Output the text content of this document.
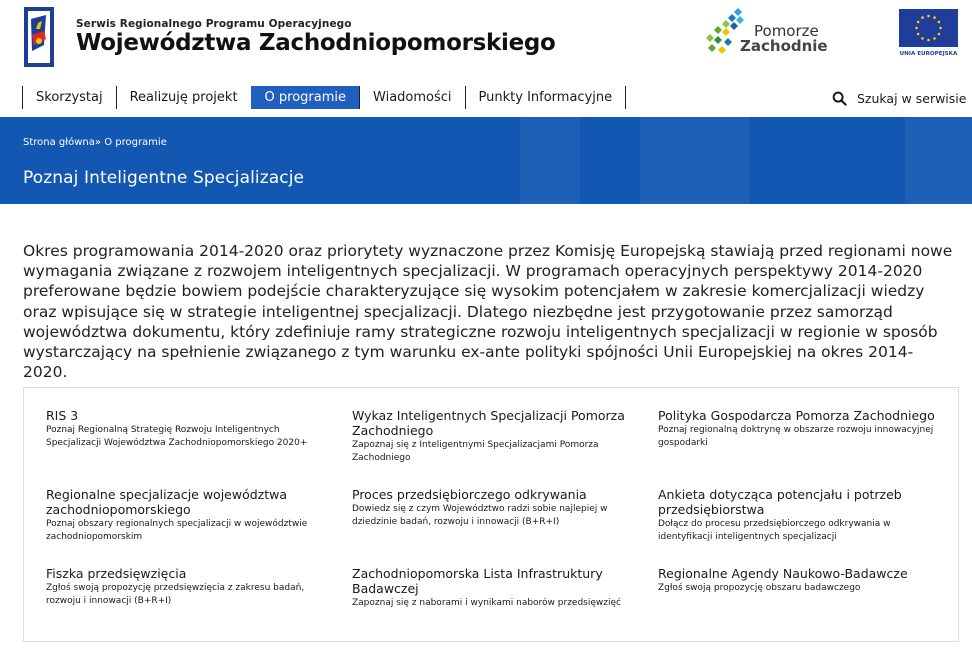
Serwis Regionalnego Programu Operacyjnego
Województwa Zachodniopomorskiego	Pomorze
Zachodnie	UNIA EUROPEJSKA
Skorzystaj	Realizuję projekt	O programie	Wiadomości	Punkty Informacyjne	Szukaj w serwisie
Strona główna» O programie
Poznaj Inteligentne Specjalizacje

Okres programowania 2014-2020 oraz priorytety wyznaczone przez Komisję Europejską stawiają przed regionami nowe wymagania związane z rozwojem inteligentnych specjalizacji. W programach operacyjnych perspektywy 2014-2020 preferowane będzie bowiem podejście charakteryzujące się wysokim potencjałem w zakresie komercjalizacji wiedzy oraz wpisujące się w strategie inteligentnej specjalizacji. Dlatego niezbędne jest przygotowanie przez samorząd województwa dokumentu, który zdefiniuje ramy strategiczne rozwoju inteligentnych specjalizacji w regionie w sposób wystarczający na spełnienie związanego z tym warunku ex-ante polityki spójności Unii Europejskiej na okres 2014-2020.

RIS 3
Poznaj Regionalną Strategię Rozwoju Inteligentnych Specjalizacji Województwa Zachodniopomorskiego 2020+
Wykaz Inteligentnych Specjalizacji Pomorza Zachodniego
Zapoznaj się z Inteligentnymi Specjalizacjami Pomorza Zachodniego
Polityka Gospodarcza Pomorza Zachodniego
Poznaj regionalną doktrynę w obszarze rozwoju innowacyjnej gospodarki
Regionalne specjalizacje województwa zachodniopomorskiego
Poznaj obszary regionalnych specjalizacji w województwie zachodniopomorskim
Proces przedsiębiorczego odkrywania
Dowiedz się z czym Województwo radzi sobie najlepiej w dziedzinie badań, rozwoju i innowacji (B+R+I)
Ankieta dotycząca potencjału i potrzeb przedsiębiorstwa
Dołącz do procesu przedsiębiorczego odkrywania w identyfikacji inteligentnych specjalizacji
Fiszka przedsięwzięcia
Zgłoś swoją propozycję przedsięwzięcia z zakresu badań, rozwoju i innowacji (B+R+I)
Zachodniopomorska Lista Infrastruktury Badawczej
Zapoznaj się z naborami i wynikami naborów przedsięwzięć
Regionalne Agendy Naukowo-Badawcze
Zgłoś swoją propozycję obszaru badawczego
